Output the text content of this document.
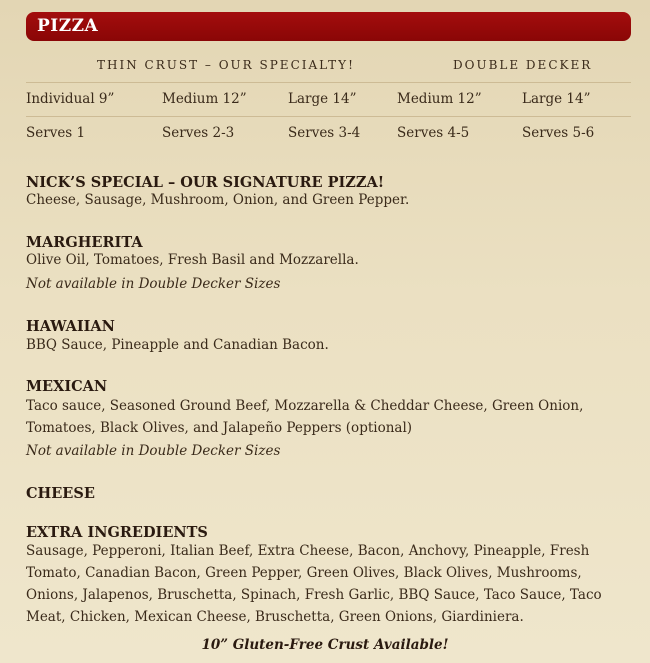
PIZZA
THIN CRUST – OUR SPECIALTY!	DOUBLE DECKER
Individual 9”	Medium 12”	Large 14”	Medium 12”	Large 14”
Serves 1	Serves 2-3	Serves 3-4	Serves 4-5	Serves 5-6
NICK’S SPECIAL – OUR SIGNATURE PIZZA!
Cheese, Sausage, Mushroom, Onion, and Green Pepper.
MARGHERITA
Olive Oil, Tomatoes, Fresh Basil and Mozzarella.
Not available in Double Decker Sizes
HAWAIIAN
BBQ Sauce, Pineapple and Canadian Bacon.
MEXICAN
Taco sauce, Seasoned Ground Beef, Mozzarella & Cheddar Cheese, Green Onion, Tomatoes, Black Olives, and Jalapeño Peppers (optional)
Not available in Double Decker Sizes
CHEESE
EXTRA INGREDIENTS
Sausage, Pepperoni, Italian Beef, Extra Cheese, Bacon, Anchovy, Pineapple, Fresh Tomato, Canadian Bacon, Green Pepper, Green Olives, Black Olives, Mushrooms, Onions, Jalapenos, Bruschetta, Spinach, Fresh Garlic, BBQ Sauce, Taco Sauce, Taco Meat, Chicken, Mexican Cheese, Bruschetta, Green Onions, Giardiniera.
10” Gluten-Free Crust Available!
